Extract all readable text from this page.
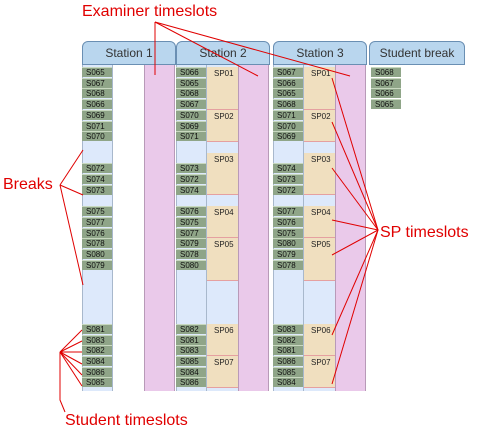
Station 1
S065
S067
S068
S066
S069
S071
S070
S072
S074
S073
S075
S077
S076
S078
S080
S079
S081
S083
S082
S084
S086
S085
Station 2
S066
S065
S068
S067
S070
S069
S071
S073
S072
S074
S076
S075
S077
S079
S078
S080
S082
S081
S083
S085
S084
S086
SP01
SP02
SP03
SP04
SP05
SP06
SP07
Station 3
S067
S066
S065
S068
S071
S070
S069
S074
S073
S072
S077
S076
S075
S080
S079
S078
S083
S082
S081
S086
S085
S084
SP01
SP02
SP03
SP04
SP05
SP06
SP07
Student break
S068
S067
S066
S065
Examiner timeslots
Breaks
SP timeslots
Student timeslots
